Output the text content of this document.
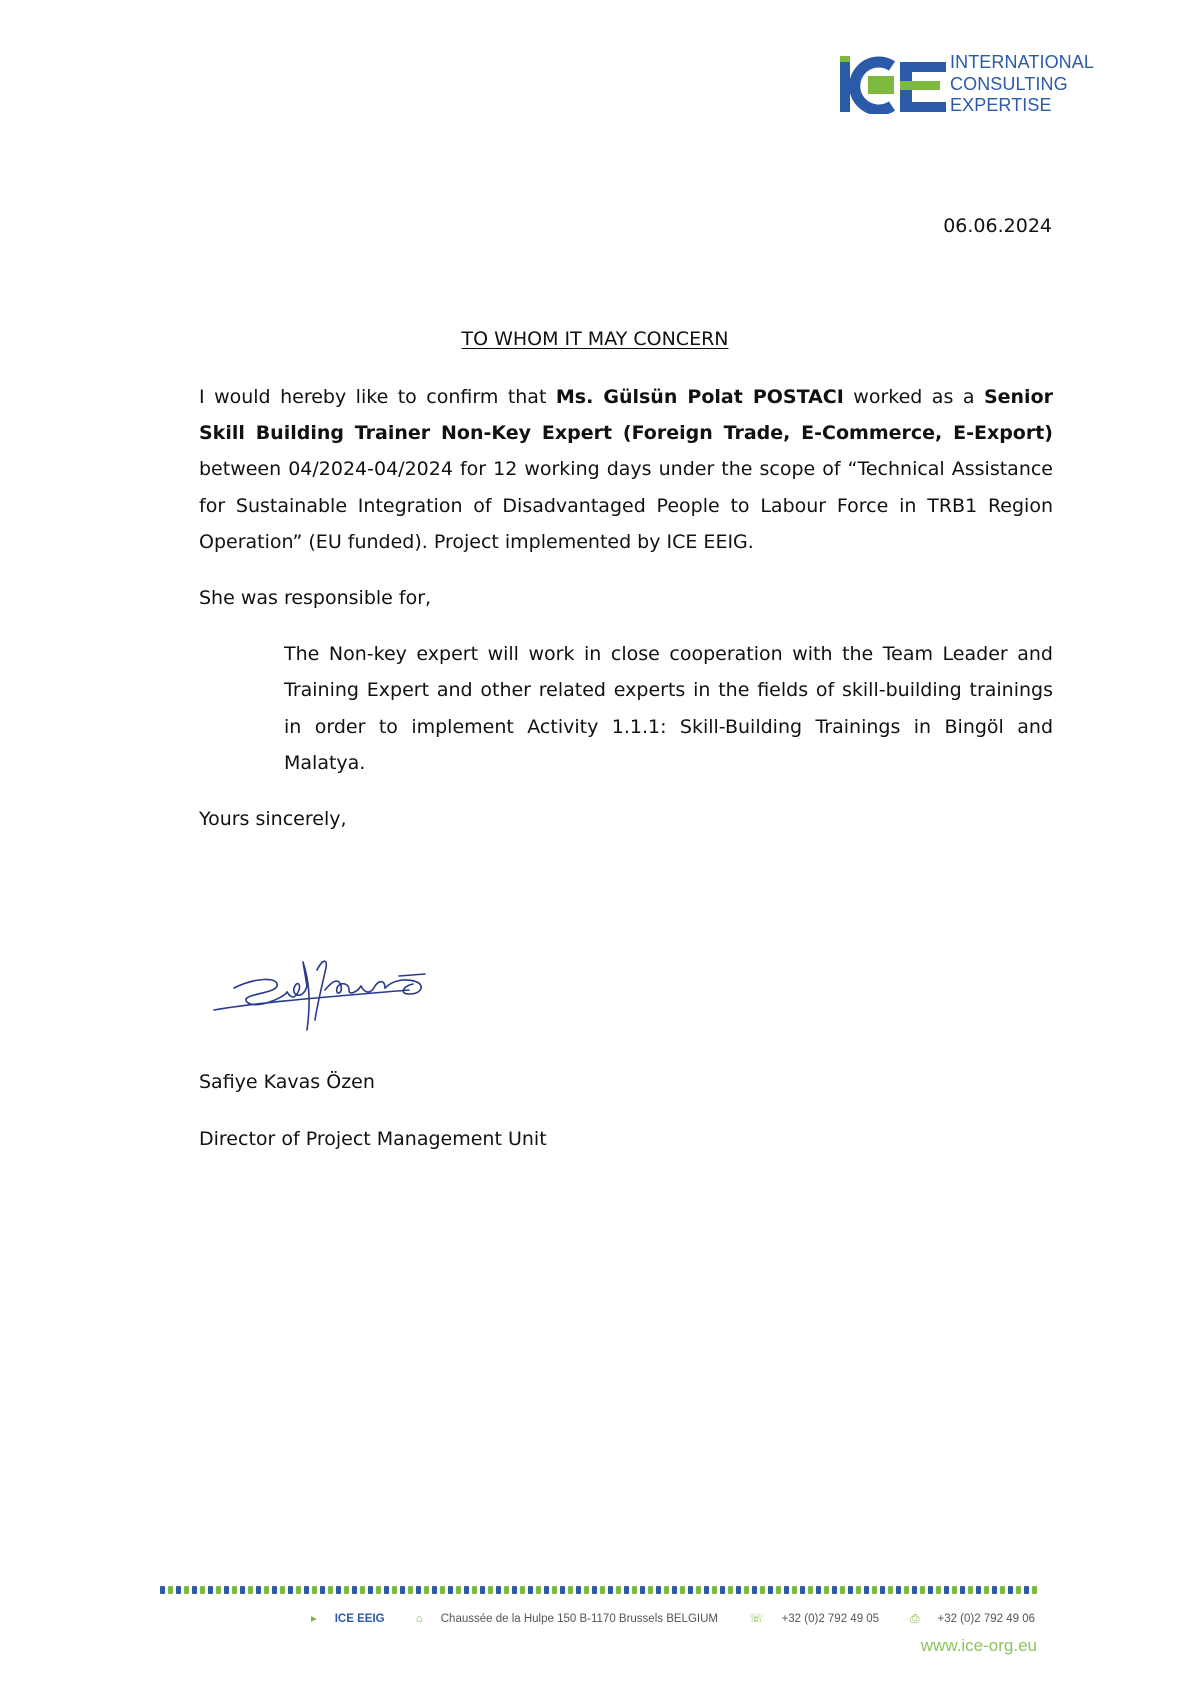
INTERNATIONAL
CONSULTING
EXPERTISE
06.06.2024
TO WHOM IT MAY CONCERN

I would hereby like to confirm that Ms. Gülsün Polat POSTACI worked as a Senior Skill Building Trainer Non-Key Expert (Foreign Trade, E-Commerce, E-Export) between 04/2024-04/2024 for 12 working days under the scope of “Technical Assistance for Sustainable Integration of Disadvantaged People to Labour Force in TRB1 Region Operation” (EU funded). Project implemented by ICE EEIG.

She was responsible for,

The Non-key expert will work in close cooperation with the Team Leader and Training Expert and other related experts in the fields of skill-building trainings in order to implement Activity 1.1.1: Skill-Building Trainings in Bingöl and Malatya.

Yours sincerely,

Safiye Kavas Özen
Director of Project Management Unit
▸ ICE EEIG	⌂ Chaussée de la Hulpe 150 B-1170 Brussels BELGIUM	☏ +32 (0)2 792 49 05	⎙ +32 (0)2 792 49 06
www.ice-org.eu
